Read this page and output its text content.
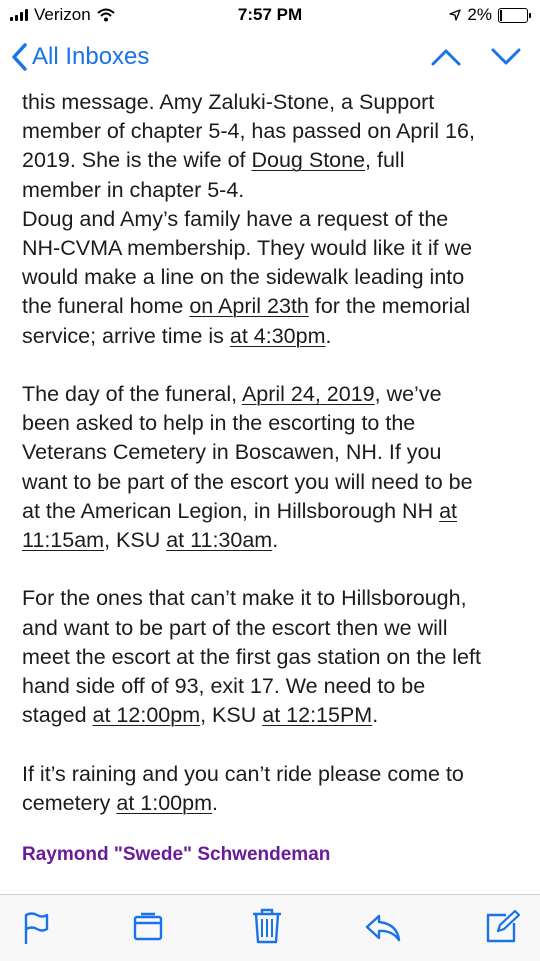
Verizon	7:57 PM	2%
All Inboxes

this message. Amy Zaluki-Stone, a Support
member of chapter 5-4, has passed on April 16,
2019. She is the wife of Doug Stone, full
member in chapter 5-4.
Doug and Amy’s family have a request of the
NH-CVMA membership. They would like it if we
would make a line on the sidewalk leading into
the funeral home on April 23th for the memorial
service; arrive time is at 4:30pm.

The day of the funeral, April 24, 2019, we’ve
been asked to help in the escorting to the
Veterans Cemetery in Boscawen, NH. If you
want to be part of the escort you will need to be
at the American Legion, in Hillsborough NH at
11:15am, KSU at 11:30am.

For the ones that can’t make it to Hillsborough,
and want to be part of the escort then we will
meet the escort at the first gas station on the left
hand side off of 93, exit 17. We need to be
staged at 12:00pm, KSU at 12:15PM.

If it’s raining and you can’t ride please come to
cemetery at 1:00pm.

Raymond "Swede" Schwendeman
